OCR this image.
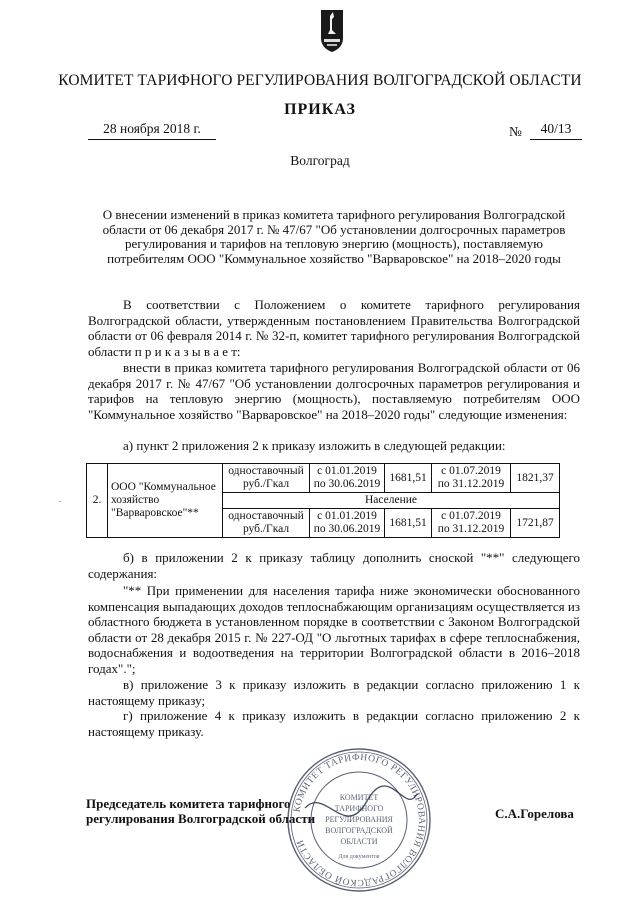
КОМИТЕТ ТАРИФНОГО РЕГУЛИРОВАНИЯ ВОЛГОГРАДСКОЙ ОБЛАСТИ
ПРИКАЗ
28 ноября 2018 г.	№	40/13
Волгоград
О внесении изменений в приказ комитета тарифного регулирования Волгоградской области от 06 декабря 2017 г. № 47/67 "Об установлении долгосрочных параметров регулирования и тарифов на тепловую энергию (мощность), поставляемую потребителям ООО "Коммунальное хозяйство "Варваровское" на 2018–2020 годы
В соответствии с Положением о комитете тарифного регулирования Волгоградской области, утвержденным постановлением Правительства Волгоградской области от 06 февраля 2014 г. № 32-п, комитет тарифного регулирования Волгоградской области п р и к а з ы в а е т:
внести в приказ комитета тарифного регулирования Волгоградской области от 06 декабря 2017 г. № 47/67 "Об установлении долгосрочных параметров регулирования и тарифов на тепловую энергию (мощность), поставляемую потребителям ООО "Коммунальное хозяйство "Варваровское" на 2018–2020 годы" следующие изменения:
а) пункт 2 приложения 2 к приказу изложить в следующей редакции:
.	2.	ООО "Коммунальное хозяйство "Варваровское"**	одноставочный руб./Гкал	с 01.01.2019 по 30.06.2019	1681,51	с 01.07.2019 по 31.12.2019	1821,37
		Население				
		одноставочный руб./Гкал	с 01.01.2019 по 30.06.2019	1681,51	с 01.07.2019 по 31.12.2019	1721,87
б) в приложении 2 к приказу таблицу дополнить сноской "**" следующего содержания:
"** При применении для населения тарифа ниже экономически обоснованного компенсация выпадающих доходов теплоснабжающим организациям осуществляется из областного бюджета в установленном порядке в соответствии с Законом Волгоградской области от 28 декабря 2015 г. № 227-ОД "О льготных тарифах в сфере теплоснабжения, водоснабжения и водоотведения на территории Волгоградской области в 2016–2018 годах".";
в) приложение 3 к приказу изложить в редакции согласно приложению 1 к настоящему приказу;
г) приложение 4 к приказу изложить в редакции согласно приложению 2 к настоящему приказу.
Председатель комитета тарифного
регулирования Волгоградской области	С.А.Горелова
КОМИТЕТ ТАРИФНОГО РЕГУЛИРОВАНИЯ ВОЛГОГРАДСКОЙ ОБЛАСТИ
КОМИТЕТ
ТАРИФНОГО
РЕГУЛИРОВАНИЯ
ВОЛГОГРАДСКОЙ
ОБЛАСТИ
Для документов
